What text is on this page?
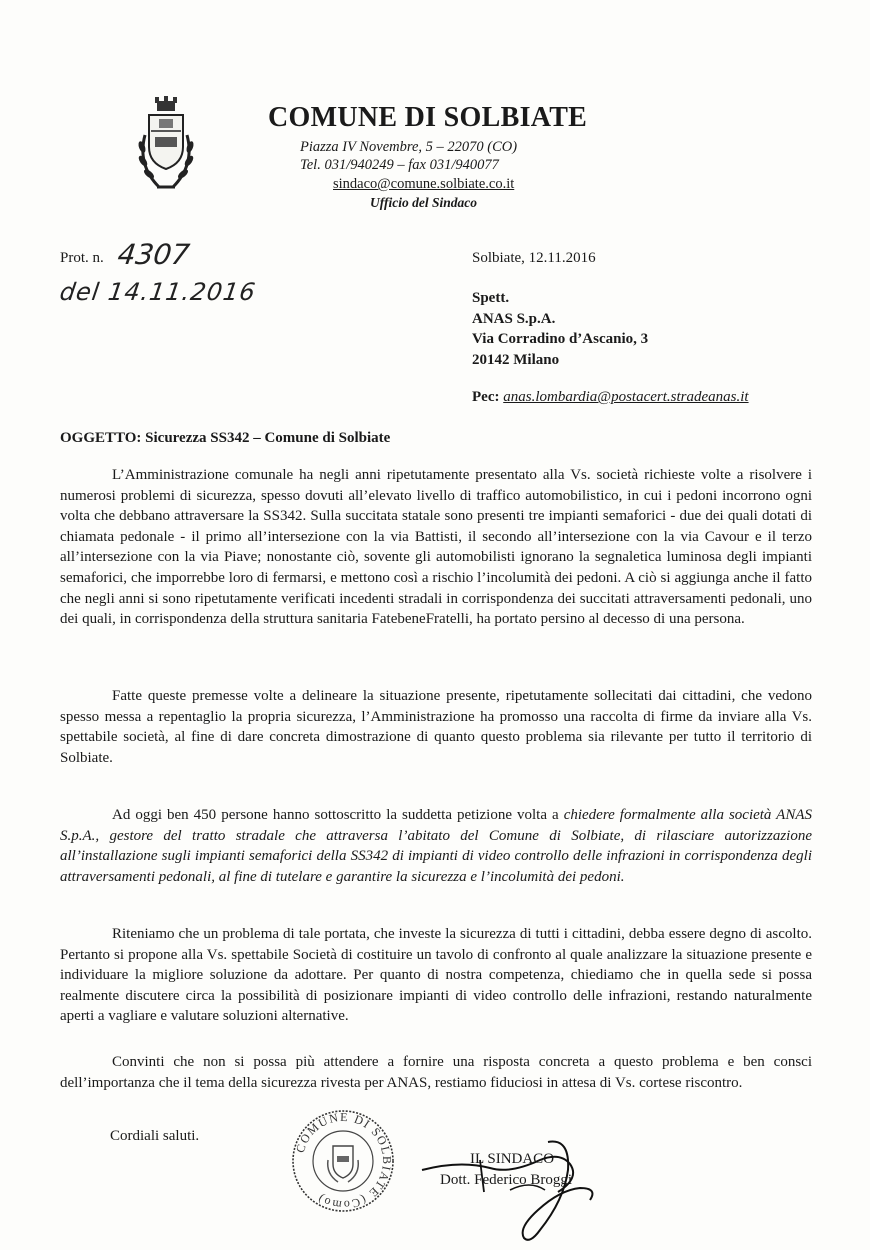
COMUNE DI SOLBIATE
Piazza IV Novembre, 5 – 22070 (CO)
Tel. 031/940249 – fax 031/940077
sindaco@comune.solbiate.co.it
Ufficio del Sindaco
Prot. n. 4307
del 14.11.2016
Solbiate, 12.11.2016
Spett.
ANAS S.p.A.
Via Corradino d’Ascanio, 3
20142 Milano
Pec: anas.lombardia@postacert.stradeanas.it
OGGETTO: Sicurezza SS342 – Comune di Solbiate

L’Amministrazione comunale ha negli anni ripetutamente presentato alla Vs. società richieste volte a risolvere i numerosi problemi di sicurezza, spesso dovuti all’elevato livello di traffico automobilistico, in cui i pedoni incorrono ogni volta che debbano attraversare la SS342. Sulla succitata statale sono presenti tre impianti semaforici - due dei quali dotati di chiamata pedonale - il primo all’intersezione con la via Battisti, il secondo all’intersezione con la via Cavour e il terzo all’intersezione con la via Piave; nonostante ciò, sovente gli automobilisti ignorano la segnaletica luminosa degli impianti semaforici, che imporrebbe loro di fermarsi, e mettono così a rischio l’incolumità dei pedoni. A ciò si aggiunga anche il fatto che negli anni si sono ripetutamente verificati incedenti stradali in corrispondenza dei succitati attraversamenti pedonali, uno dei quali, in corrispondenza della struttura sanitaria FatebeneFratelli, ha portato persino al decesso di una persona.

Fatte queste premesse volte a delineare la situazione presente, ripetutamente sollecitati dai cittadini, che vedono spesso messa a repentaglio la propria sicurezza, l’Amministrazione ha promosso una raccolta di firme da inviare alla Vs. spettabile società, al fine di dare concreta dimostrazione di quanto questo problema sia rilevante per tutto il territorio di Solbiate.

Ad oggi ben 450 persone hanno sottoscritto la suddetta petizione volta a chiedere formalmente alla società ANAS S.p.A., gestore del tratto stradale che attraversa l’abitato del Comune di Solbiate, di rilasciare autorizzazione all’installazione sugli impianti semaforici della SS342 di impianti di video controllo delle infrazioni in corrispondenza degli attraversamenti pedonali, al fine di tutelare e garantire la sicurezza e l’incolumità dei pedoni.

Riteniamo che un problema di tale portata, che investe la sicurezza di tutti i cittadini, debba essere degno di ascolto. Pertanto si propone alla Vs. spettabile Società di costituire un tavolo di confronto al quale analizzare la situazione presente e individuare la migliore soluzione da adottare. Per quanto di nostra competenza, chiediamo che in quella sede si possa realmente discutere circa la possibilità di posizionare impianti di video controllo delle infrazioni, restando naturalmente aperti a vagliare e valutare soluzioni alternative.

Convinti che non si possa più attendere a fornire una risposta concreta a questo problema e ben consci dell’importanza che il tema della sicurezza rivesta per ANAS, restiamo fiduciosi in attesa di Vs. cortese riscontro.

Cordiali saluti.
COMUNE DI SOLBIATE (Como)
IL SINDACO
Dott. Federico Broggi
